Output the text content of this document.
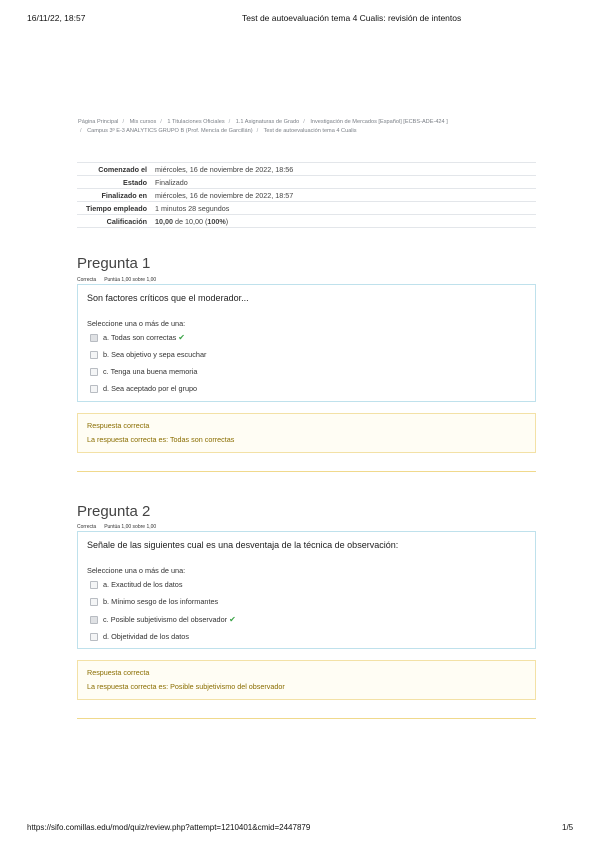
16/11/22, 18:57	Test de autoevaluación tema 4 Cualis: revisión de intentos
Página Principal / Mis cursos / 1 Titulaciones Oficiales / 1.1 Asignaturas de Grado / Investigación de Mercados [Español] [ECBS-ADE-424 ]
/ Campus 3º E-3 ANALYTICS GRUPO B (Prof. Mencía de Garcillán) / Test de autoevaluación tema 4 Cualis
Comenzado el	miércoles, 16 de noviembre de 2022, 18:56
Estado	Finalizado
Finalizado en	miércoles, 16 de noviembre de 2022, 18:57
Tiempo empleado	1 minutos 28 segundos
Calificación	10,00 de 10,00 (100%)
Pregunta 1
Correcta Puntúa 1,00 sobre 1,00
Son factores críticos que el moderador...
Seleccione una o más de una:
a. Todas son correctas ✔
b. Sea objetivo y sepa escuchar
c. Tenga una buena memoria
d. Sea aceptado por el grupo
Respuesta correcta
La respuesta correcta es: Todas son correctas
Pregunta 2
Correcta Puntúa 1,00 sobre 1,00
Señale de las siguientes cual es una desventaja de la técnica de observación:
Seleccione una o más de una:
a. Exactitud de los datos
b. Mínimo sesgo de los informantes
c. Posible subjetivismo del observador ✔
d. Objetividad de los datos
Respuesta correcta
La respuesta correcta es: Posible subjetivismo del observador
https://sifo.comillas.edu/mod/quiz/review.php?attempt=1210401&cmid=2447879	1/5
